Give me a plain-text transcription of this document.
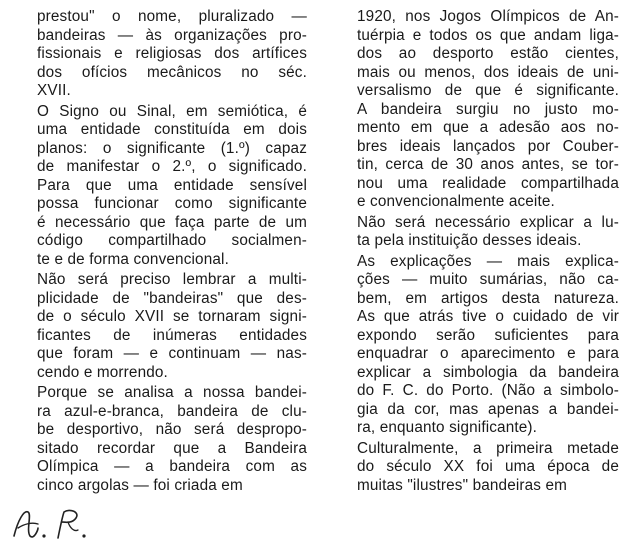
prestou" o nome, pluralizado —
bandeiras — às organizações pro-
fissionais e religiosas dos artífices
dos ofícios mecânicos no séc.
XVII.
O Signo ou Sinal, em semiótica, é
uma entidade constituída em dois
planos: o significante (1.º) capaz
de manifestar o 2.º, o significado.
Para que uma entidade sensível
possa funcionar como significante
é necessário que faça parte de um
código compartilhado socialmen-
te e de forma convencional.
Não será preciso lembrar a multi-
plicidade de "bandeiras" que des-
de o século XVII se tornaram signi-
ficantes de inúmeras entidades
que foram — e continuam — nas-
cendo e morrendo.
Porque se analisa a nossa bandei-
ra azul-e-branca, bandeira de clu-
be desportivo, não será despropo-
sitado recordar que a Bandeira
Olímpica — a bandeira com as
cinco argolas — foi criada em
1920, nos Jogos Olímpicos de An-
tuérpia e todos os que andam liga-
dos ao desporto estão cientes,
mais ou menos, dos ideais de uni-
versalismo de que é significante.
A bandeira surgiu no justo mo-
mento em que a adesão aos no-
bres ideais lançados por Couber-
tin, cerca de 30 anos antes, se tor-
nou uma realidade compartilhada
e convencionalmente aceite.
Não será necessário explicar a lu-
ta pela instituição desses ideais.
As explicações — mais explica-
ções — muito sumárias, não ca-
bem, em artigos desta natureza.
As que atrás tive o cuidado de vir
expondo serão suficientes para
enquadrar o aparecimento e para
explicar a simbologia da bandeira
do F. C. do Porto. (Não a simbolo-
gia da cor, mas apenas a bandei-
ra, enquanto significante).
Culturalmente, a primeira metade
do século XX foi uma época de
muitas "ilustres" bandeiras em
